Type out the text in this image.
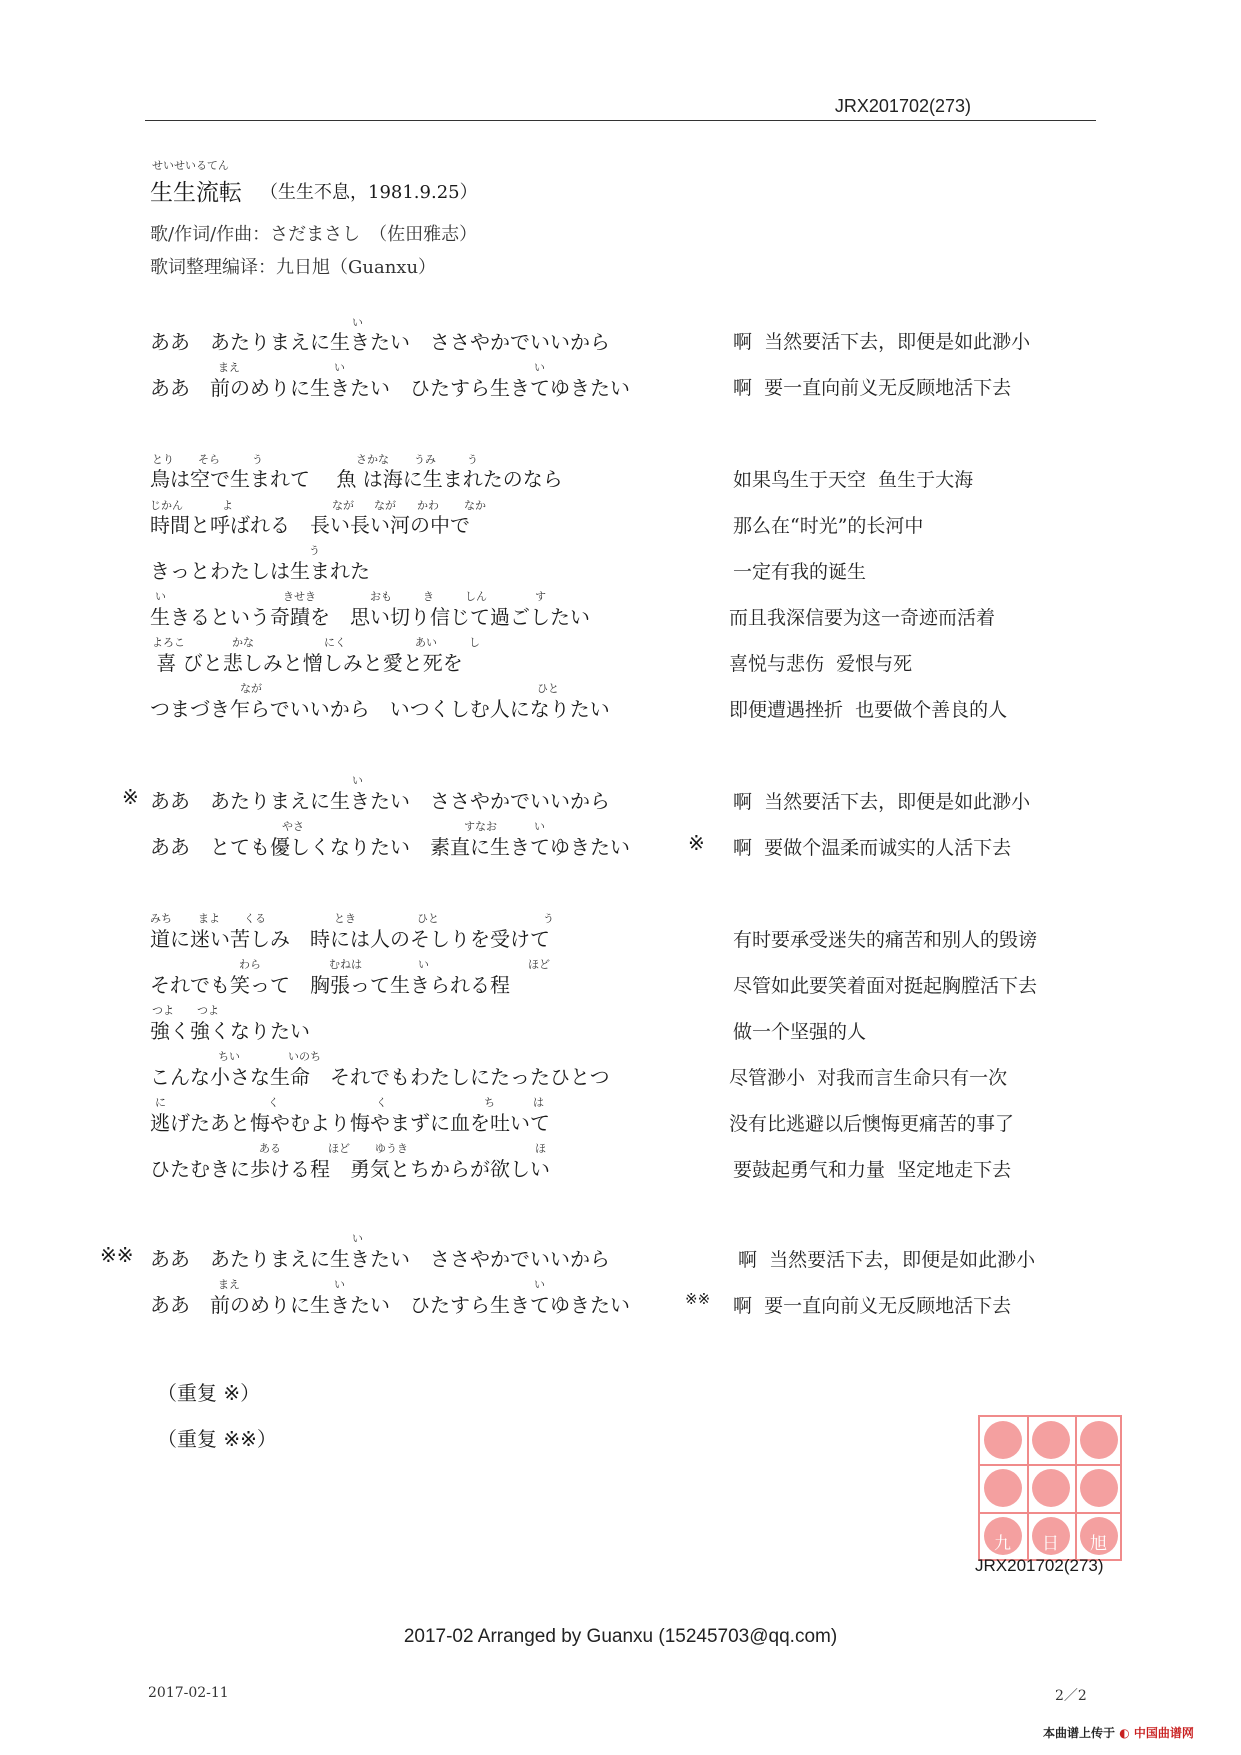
JRX201702(273)
せいせいるてん
生生流転 （生生不息，1981.9.25）
歌/作词/作曲：さだまさし　（佐田雅志）
歌词整理编译：九日旭（Guanxu）
い
ああ　あたりまえに生きたい　ささやかでいいから	啊  当然要活下去，即便是如此渺小
まえ	い	い
ああ　前のめりに生きたい　ひたすら生きてゆきたい	啊  要一直向前义无反顾地活下去
とり そら	う	さかな うみ	う
鳥は空で生まれて　 魚 は海に生まれたのなら	如果鸟生于天空  鱼生于大海
じかん	よ	なが なが かわ なか
時間と呼ばれる　長い長い河の中で	那么在“时光”的长河中
う
きっとわたしは生まれた	一定有我的诞生
い	きせき	おも	き	しん	す
生きるという奇蹟を　思い切り信じて過ごしたい	而且我深信要为这一奇迹而活着
よろこ	かな	にく	あい	し
喜 びと悲しみと憎しみと愛と死を	喜悦与悲伤  爱恨与死
なが	ひと
つまづき乍らでいいから　いつくしむ人になりたい	即便遭遇挫折  也要做个善良的人
い
※ ああ　あたりまえに生きたい　ささやかでいいから	啊  当然要活下去，即便是如此渺小
やさ	すなお	い
ああ　とても優しくなりたい　素直に生きてゆきたい	※ 啊  要做个温柔而诚实的人活下去
みち まよ くる	とき	ひと	う
道に迷い苦しみ　時には人のそしりを受けて	有时要承受迷失的痛苦和别人的毁谤
わら	むねは	い	ほど
それでも笑って　胸張って生きられる程	尽管如此要笑着面对挺起胸膛活下去
つよ つよ
強く強くなりたい	做一个坚强的人
ちい	いのち
こんな小さな生命　それでもわたしにたったひとつ	尽管渺小  对我而言生命只有一次
に	く	く	ち	は
逃げたあと悔やむより悔やまずに血を吐いて	没有比逃避以后懊悔更痛苦的事了
ある	ほど ゆうき	ほ
ひたむきに歩ける程　勇気とちからが欲しい	要鼓起勇气和力量  坚定地走下去
い
※※ ああ　あたりまえに生きたい　ささやかでいいから	啊  当然要活下去，即便是如此渺小
まえ	い	い
ああ　前のめりに生きたい　ひたすら生きてゆきたい	※※ 啊  要一直向前义无反顾地活下去
（重复 ※）
（重复 ※※）
九 日 旭
JRX201702(273)
2017-02 Arranged by Guanxu (15245703@qq.com)
2017-02-11	2／2
本曲谱上传于 ◐ 中国曲谱网
